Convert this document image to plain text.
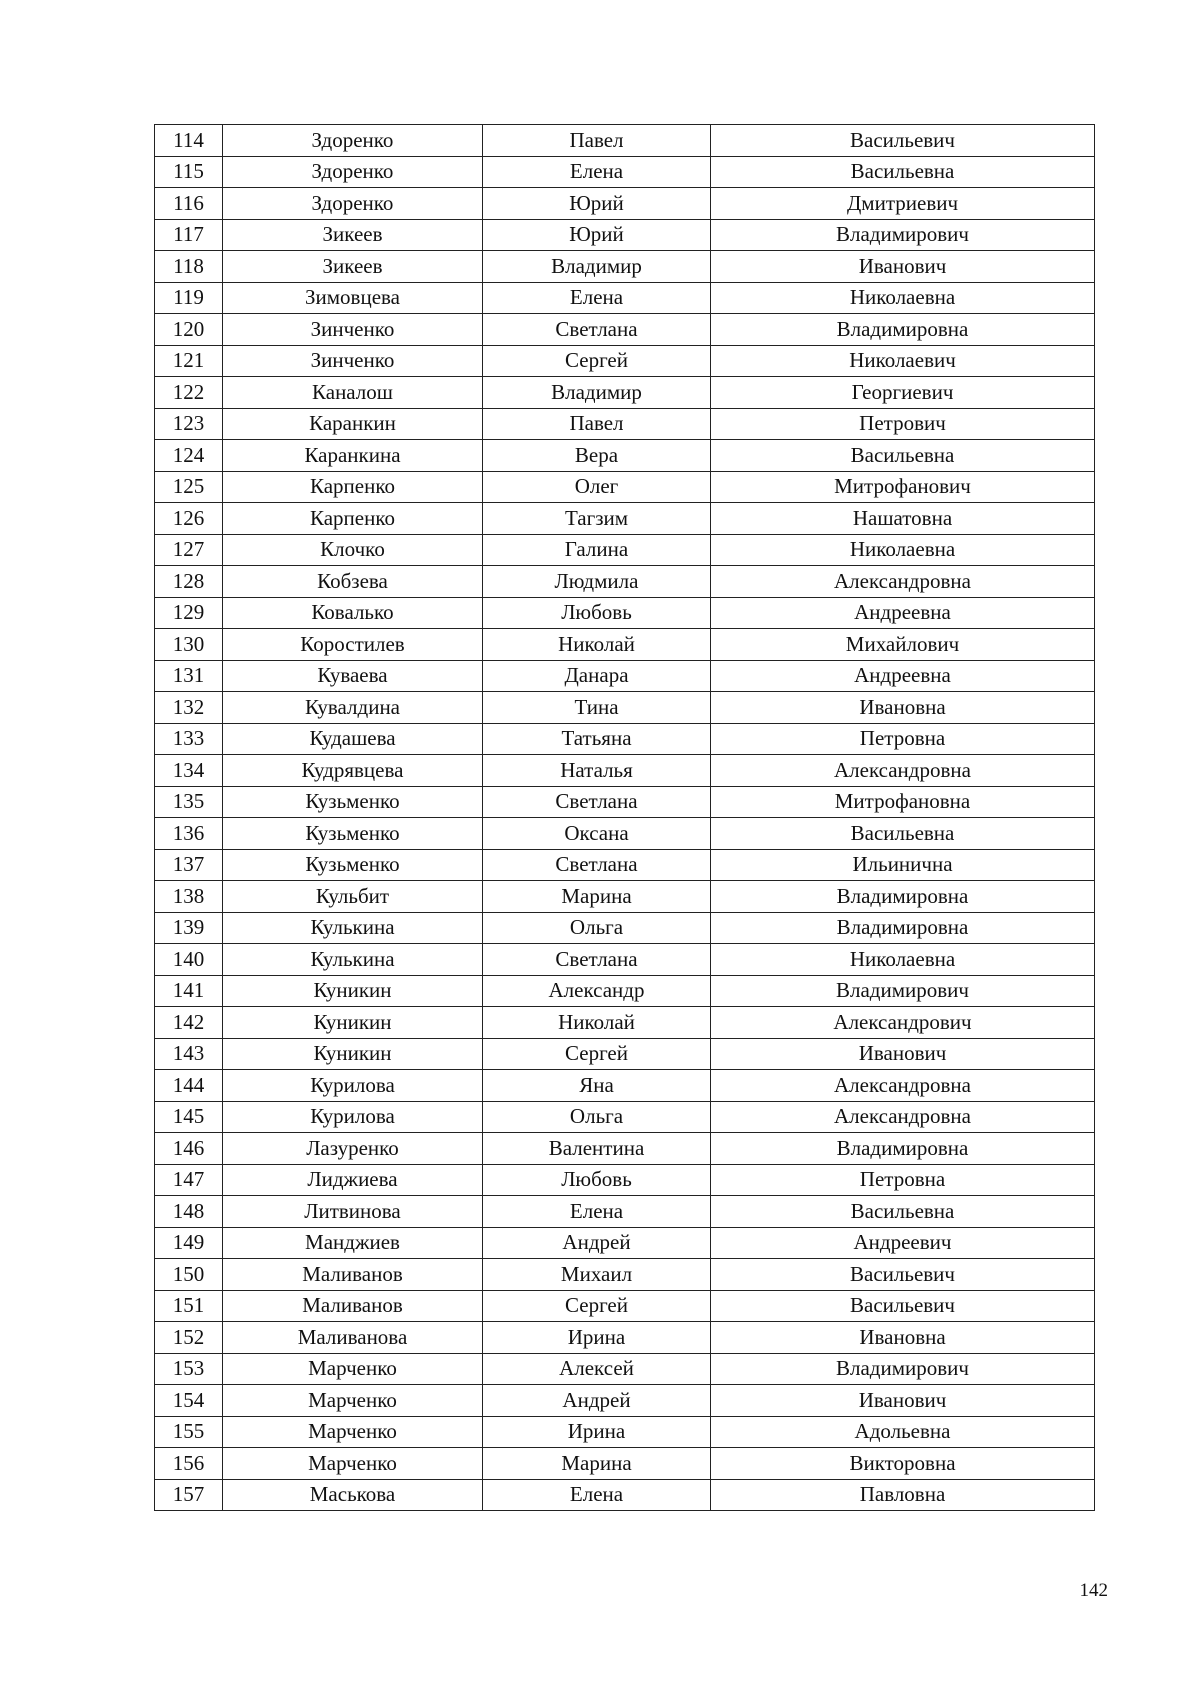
114	Здоренко	Павел	Васильевич
115	Здоренко	Елена	Васильевна
116	Здоренко	Юрий	Дмитриевич
117	Зикеев	Юрий	Владимирович
118	Зикеев	Владимир	Иванович
119	Зимовцева	Елена	Николаевна
120	Зинченко	Светлана	Владимировна
121	Зинченко	Сергей	Николаевич
122	Каналош	Владимир	Георгиевич
123	Каранкин	Павел	Петрович
124	Каранкина	Вера	Васильевна
125	Карпенко	Олег	Митрофанович
126	Карпенко	Тагзим	Нашатовна
127	Клочко	Галина	Николаевна
128	Кобзева	Людмила	Александровна
129	Ковалько	Любовь	Андреевна
130	Коростилев	Николай	Михайлович
131	Куваева	Данара	Андреевна
132	Кувалдина	Тина	Ивановна
133	Кудашева	Татьяна	Петровна
134	Кудрявцева	Наталья	Александровна
135	Кузьменко	Светлана	Митрофановна
136	Кузьменко	Оксана	Васильевна
137	Кузьменко	Светлана	Ильинична
138	Кульбит	Марина	Владимировна
139	Кулькина	Ольга	Владимировна
140	Кулькина	Светлана	Николаевна
141	Куникин	Александр	Владимирович
142	Куникин	Николай	Александрович
143	Куникин	Сергей	Иванович
144	Курилова	Яна	Александровна
145	Курилова	Ольга	Александровна
146	Лазуренко	Валентина	Владимировна
147	Лиджиева	Любовь	Петровна
148	Литвинова	Елена	Васильевна
149	Манджиев	Андрей	Андреевич
150	Маливанов	Михаил	Васильевич
151	Маливанов	Сергей	Васильевич
152	Маливанова	Ирина	Ивановна
153	Марченко	Алексей	Владимирович
154	Марченко	Андрей	Иванович
155	Марченко	Ирина	Адольевна
156	Марченко	Марина	Викторовна
157	Маськова	Елена	Павловна
142
